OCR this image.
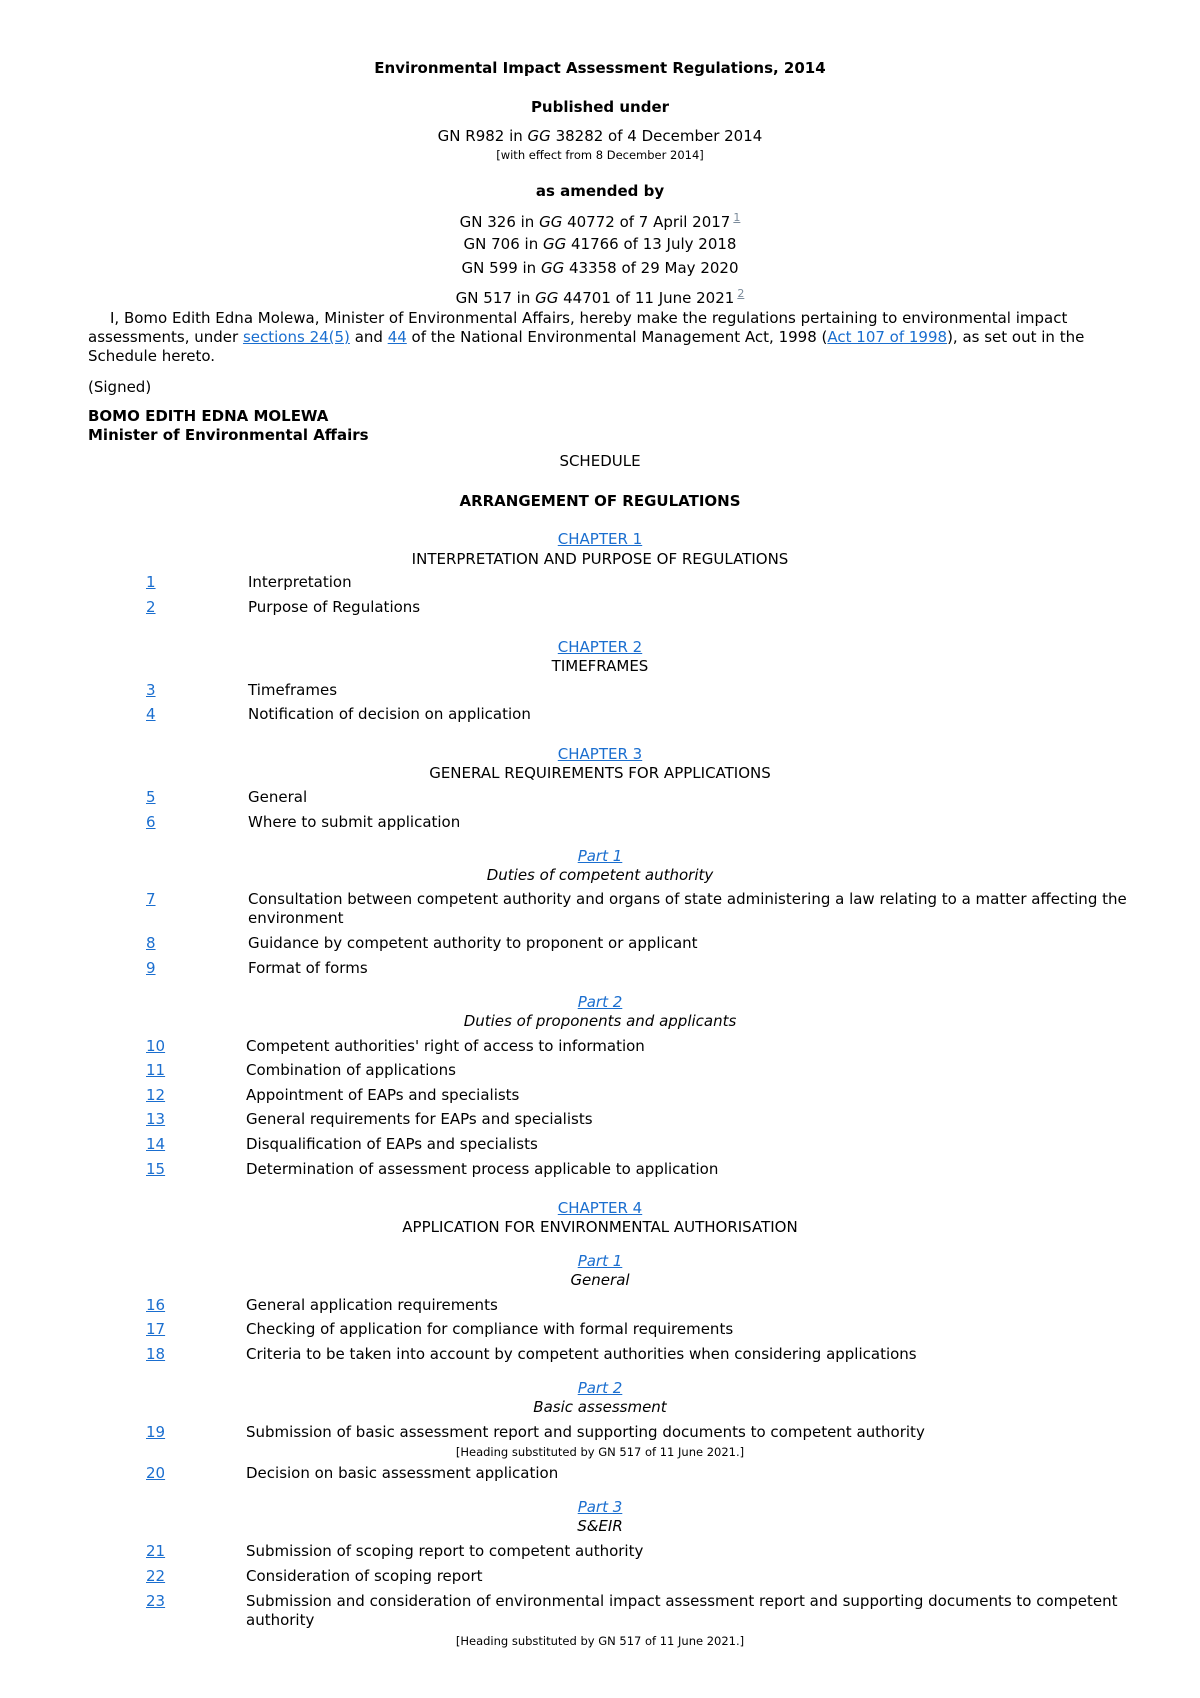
Environmental Impact Assessment Regulations, 2014
Published under
GN R982 in GG 38282 of 4 December 2014
[with effect from 8 December 2014]
as amended by
GN 326 in GG 40772 of 7 April 2017 $^1$
GN 706 in GG 41766 of 13 July 2018
GN 599 in GG 43358 of 29 May 2020
GN 517 in GG 44701 of 11 June 2021 $^2$
I, Bomo Edith Edna Molewa, Minister of Environmental Affairs, hereby make the regulations pertaining to environmental impact assessments, under sections 24(5) and 44 of the National Environmental Management Act, 1998 (Act 107 of 1998), as set out in the Schedule hereto.
(Signed)
BOMO EDITH EDNA MOLEWA
Minister of Environmental Affairs
SCHEDULE
ARRANGEMENT OF REGULATIONS
CHAPTER 1
INTERPRETATION AND PURPOSE OF REGULATIONS
1	Interpretation
2	Purpose of Regulations
CHAPTER 2
TIMEFRAMES
3	Timeframes
4	Notification of decision on application
CHAPTER 3
GENERAL REQUIREMENTS FOR APPLICATIONS
5	General
6	Where to submit application
Part 1
Duties of competent authority
7	Consultation between competent authority and organs of state administering a law relating to a matter affecting the environment
8	Guidance by competent authority to proponent or applicant
9	Format of forms
Part 2
Duties of proponents and applicants
10	Competent authorities' right of access to information
11	Combination of applications
12	Appointment of EAPs and specialists
13	General requirements for EAPs and specialists
14	Disqualification of EAPs and specialists
15	Determination of assessment process applicable to application
CHAPTER 4
APPLICATION FOR ENVIRONMENTAL AUTHORISATION
Part 1
General
16	General application requirements
17	Checking of application for compliance with formal requirements
18	Criteria to be taken into account by competent authorities when considering applications
Part 2
Basic assessment
19	Submission of basic assessment report and supporting documents to competent authority
[Heading substituted by GN 517 of 11 June 2021.]
20	Decision on basic assessment application
Part 3
S&EIR
21	Submission of scoping report to competent authority
22	Consideration of scoping report
23	Submission and consideration of environmental impact assessment report and supporting documents to competent authority
[Heading substituted by GN 517 of 11 June 2021.]
